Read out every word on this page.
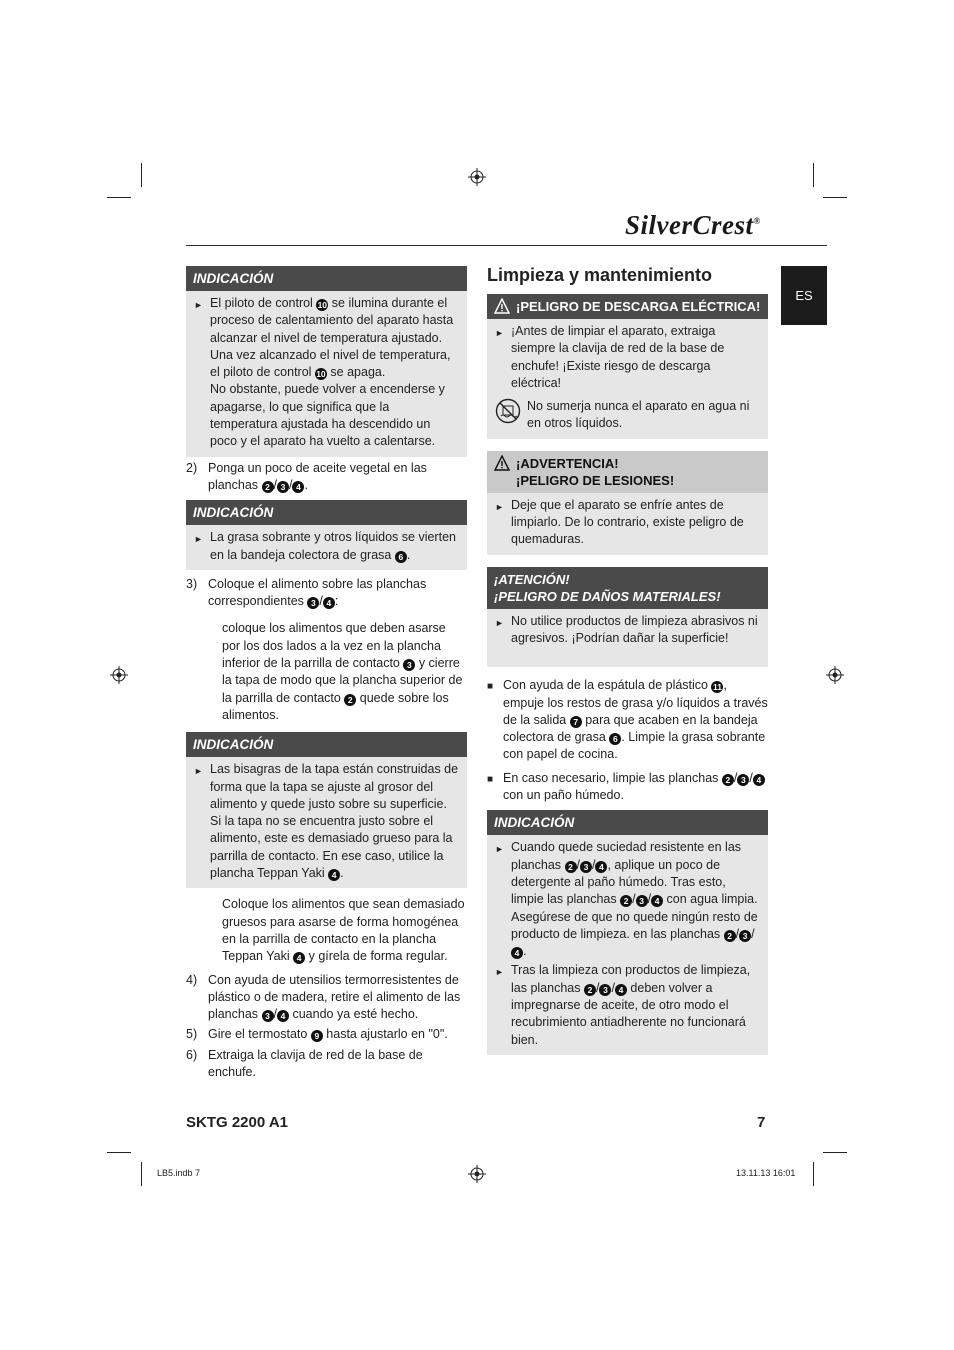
SilverCrest®
ES
INDICACIÓN
► El piloto de control 10 se ilumina durante el proceso de calentamiento del aparato hasta alcanzar el nivel de temperatura ajustado. Una vez alcanzado el nivel de temperatura, el piloto de control 10 se apaga.
No obstante, puede volver a encenderse y apagarse, lo que significa que la temperatura ajustada ha descendido un poco y el aparato ha vuelto a calentarse.
2) Ponga un poco de aceite vegetal en las planchas 2 / 3 / 4 .
INDICACIÓN
► La grasa sobrante y otros líquidos se vierten en la bandeja colectora de grasa 6 .
3) Coloque el alimento sobre las planchas correspondientes 3 / 4 :
coloque los alimentos que deben asarse por los dos lados a la vez en la plancha inferior de la parrilla de contacto 3 y cierre la tapa de modo que la plancha superior de la parrilla de contacto 2 quede sobre los alimentos.
INDICACIÓN
► Las bisagras de la tapa están construidas de forma que la tapa se ajuste al grosor del alimento y quede justo sobre su superficie.
Si la tapa no se encuentra justo sobre el alimento, este es demasiado grueso para la parrilla de contacto. En ese caso, utilice la plancha Teppan Yaki 4 .
Coloque los alimentos que sean demasiado gruesos para asarse de forma homogénea en la parrilla de contacto en la plancha Teppan Yaki 4 y gírela de forma regular.
4) Con ayuda de utensilios termorresistentes de plástico o de madera, retire el alimento de las planchas 3 / 4 cuando ya esté hecho.
5) Gire el termostato 9 hasta ajustarlo en "0".
6) Extraiga la clavija de red de la base de enchufe.
Limpieza y mantenimiento
¡PELIGRO DE DESCARGA ELÉCTRICA!
► ¡Antes de limpiar el aparato, extraiga siempre la clavija de red de la base de enchufe! ¡Existe riesgo de descarga eléctrica!
No sumerja nunca el aparato en agua ni en otros líquidos.
¡ADVERTENCIA!
¡PELIGRO DE LESIONES!
► Deje que el aparato se enfríe antes de limpiarlo. De lo contrario, existe peligro de quemaduras.
¡ATENCIÓN!
¡PELIGRO DE DAÑOS MATERIALES!
► No utilice productos de limpieza abrasivos ni agresivos. ¡Podrían dañar la superficie!
■ Con ayuda de la espátula de plástico 11 , empuje los restos de grasa y/o líquidos a través de la salida 7 para que acaben en la bandeja colectora de grasa 6 . Limpie la grasa sobrante con papel de cocina.
■ En caso necesario, limpie las planchas 2 / 3 / 4 con un paño húmedo.
INDICACIÓN
► Cuando quede suciedad resistente en las planchas 2 / 3 / 4 , aplique un poco de detergente al paño húmedo. Tras esto, limpie las planchas 2 / 3 / 4 con agua limpia. Asegúrese de que no quede ningún resto de producto de limpieza. en las planchas 2 / 3 /4 .
► Tras la limpieza con productos de limpieza, las planchas 2 / 3 / 4 deben volver a impregnarse de aceite, de otro modo el recubrimiento antiadherente no funcionará bien.
SKTG 2200 A1	7
LB5.indb 7	13.11.13 16:01
